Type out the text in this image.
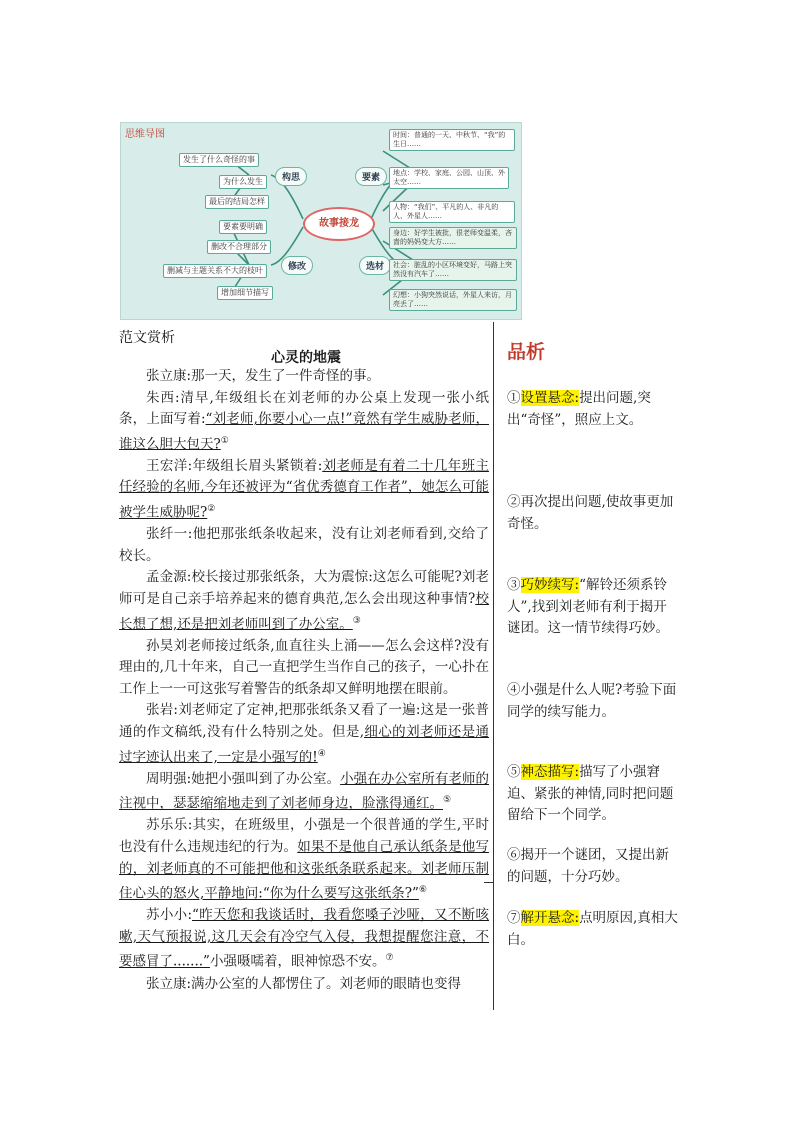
思维导图
故事接龙
构思	要素
修改	选材
发生了什么奇怪的事
为什么发生
最后的结局怎样
要素要明确
删改不合理部分
删减与主题关系不大的枝叶
增加细节描写
时间：普通的一天、中秋节、“我”的生日……
地点：学校、家庭、公园、山顶、外太空……
人物：“我们”、平凡的人、非凡的人、外星人……
身边：好学生被批，很老师变温柔，吝啬的妈妈变大方……
社会：脏乱的小区环境变好，马路上突然没有汽车了……
幻想：小狗突然说话，外星人来访，月亮丢了……
范文赏析
心灵的地震	品析

张立康:那一天，发生了一件奇怪的事。

朱西:清早,年级组长在刘老师的办公桌上发现一张小纸条，上面写着:“刘老师,你要小心一点!”竟然有学生威胁老师，谁这么胆大包天?①

王宏洋:年级组长眉头紧锁着:刘老师是有着二十几年班主任经验的名师,今年还被评为“省优秀德育工作者”，她怎么可能被学生威胁呢?②

张纤一:他把那张纸条收起来，没有让刘老师看到,交给了校长。

孟金源:校长接过那张纸条，大为震惊:这怎么可能呢?刘老师可是自己亲手培养起来的德育典范,怎么会出现这种事情?校长想了想,还是把刘老师叫到了办公室。③

孙昊刘老师接过纸条,血直往头上涌——怎么会这样?没有理由的,几十年来，自己一直把学生当作自己的孩子，一心扑在工作上一一可这张写着警告的纸条却又鲜明地摆在眼前。

张岩:刘老师定了定神,把那张纸条又看了一遍:这是一张普通的作文稿纸,没有什么特别之处。但是,细心的刘老师还是通过字迹认出来了,一定是小强写的!④

周明强:她把小强叫到了办公室。小强在办公室所有老师的注视中，瑟瑟缩缩地走到了刘老师身边，脸涨得通红。⑤

苏乐乐:其实，在班级里，小强是一个很普通的学生,平时也没有什么违规违纪的行为。如果不是他自己承认纸条是他写的，刘老师真的不可能把他和这张纸条联系起来。刘老师压制住心头的怒火,平静地问:“你为什么要写这张纸条?”⑥

苏小小:“昨天您和我谈话时，我看您嗓子沙哑，又不断咳嗽,天气预报说,这几天会有冷空气入侵，我想提醒您注意，不要感冒了.......”小强嗫嚅着，眼神惊恐不安。⑦

张立康:满办公室的人都愣住了。刘老师的眼睛也变得

①设置悬念:提出问题,突出“奇怪”，照应上文。
②再次提出问题,使故事更加奇怪。
③巧妙续写:“解铃还须系铃人”,找到刘老师有利于揭开谜团。这一情节续得巧妙。
④小强是什么人呢?考验下面同学的续写能力。
⑤神态描写:描写了小强窘迫、紧张的神情,同时把问题留给下一个同学。
⑥揭开一个谜团，又提出新的问题，十分巧妙。
⑦解开悬念:点明原因,真相大白。
